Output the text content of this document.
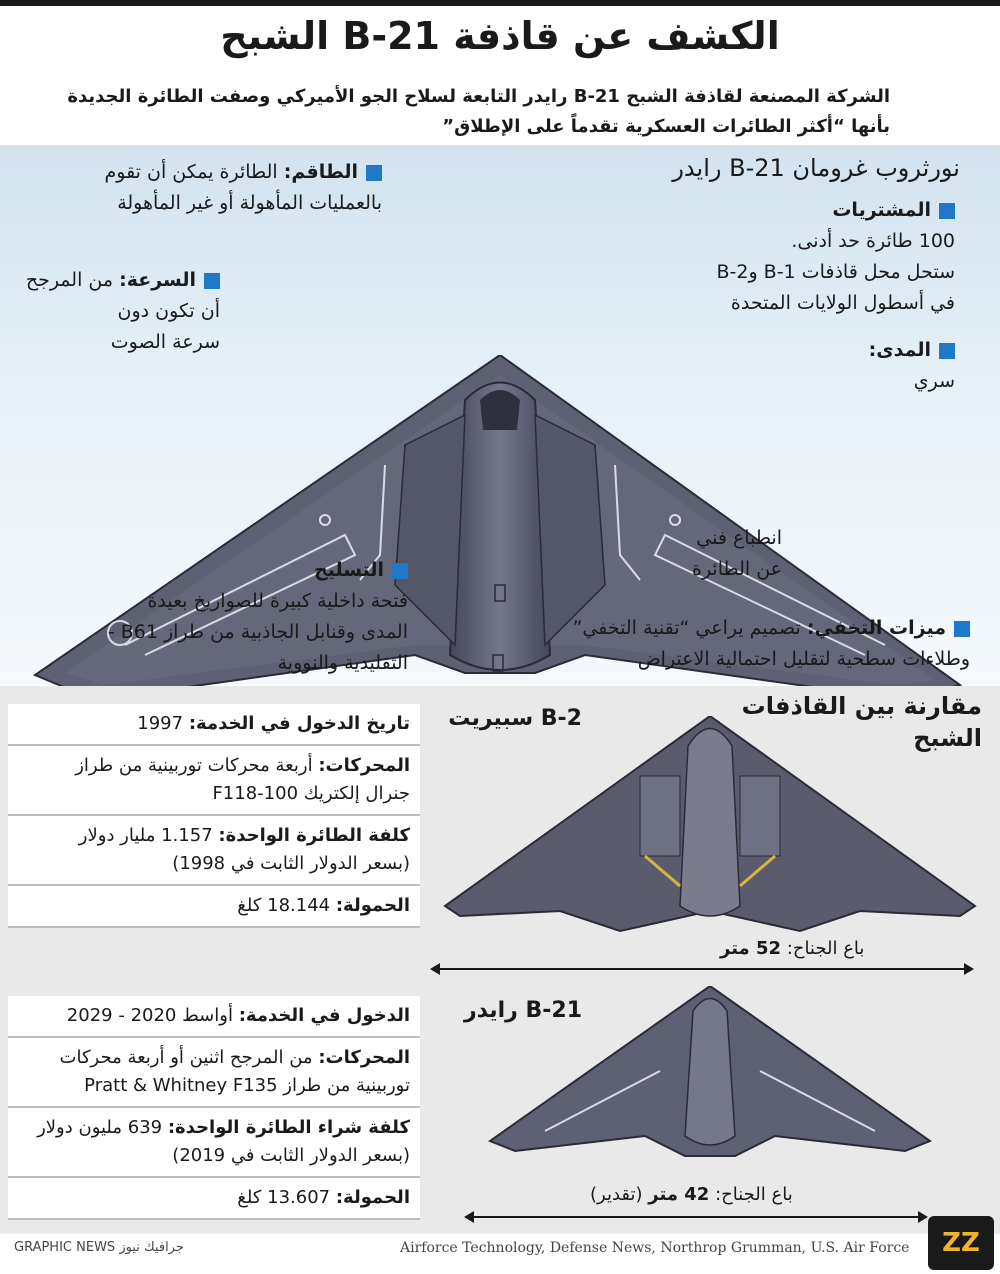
الكشف عن قاذفة B-21 الشبح
الشركة المصنعة لقاذفة الشبح B-21 رايدر التابعة لسلاح الجو الأميركي وصفت الطائرة الجديدة
بأنها “أكثر الطائرات العسكرية تقدماً على الإطلاق”
نورثروب غرومان B-21 رايدر
المشتريات
100 طائرة حد أدنى.
ستحل محل قاذفات B-1 وB-2
في أسطول الولايات المتحدة
المدى:
سري
الطاقم: الطائرة يمكن أن تقوم
بالعمليات المأهولة أو غير المأهولة
السرعة: من المرجح
أن تكون دون
سرعة الصوت
انطباع فني
عن الطائرة
التسليح
فتحة داخلية كبيرة للصواريخ بعيدة
المدى وقنابل الجاذبية من طراز B61 -
التقليدية والنووية
ميزات التخفي: تصميم يراعي “تقنية التخفي”
وطلاءات سطحية لتقليل احتمالية الاعتراض
مقارنة بين القاذفات
الشبح
تاريخ الدخول في الخدمة: 1997
المحركات: أربعة محركات توربينية من طراز
جنرال إلكتريك F118-100
كلفة الطائرة الواحدة: 1.157 مليار دولار
(بسعر الدولار الثابت في 1998)
الحمولة: 18.144 كلغ
B-2 سبيريت
باع الجناح: 52 متر
الدخول في الخدمة: أواسط 2020 - 2029
المحركات: من المرجح اثنين أو أربعة محركات
توربينية من طراز Pratt & Whitney F135
كلفة شراء الطائرة الواحدة: 639 مليون دولار
(بسعر الدولار الثابت في 2019)
الحمولة: 13.607 كلغ
B-21 رايدر
باع الجناح: 42 متر (تقدير)
Airforce Technology, Defense News, Northrop Grumman, U.S. Air Force
GRAPHIC NEWS جرافيك نيوز	ZZ
